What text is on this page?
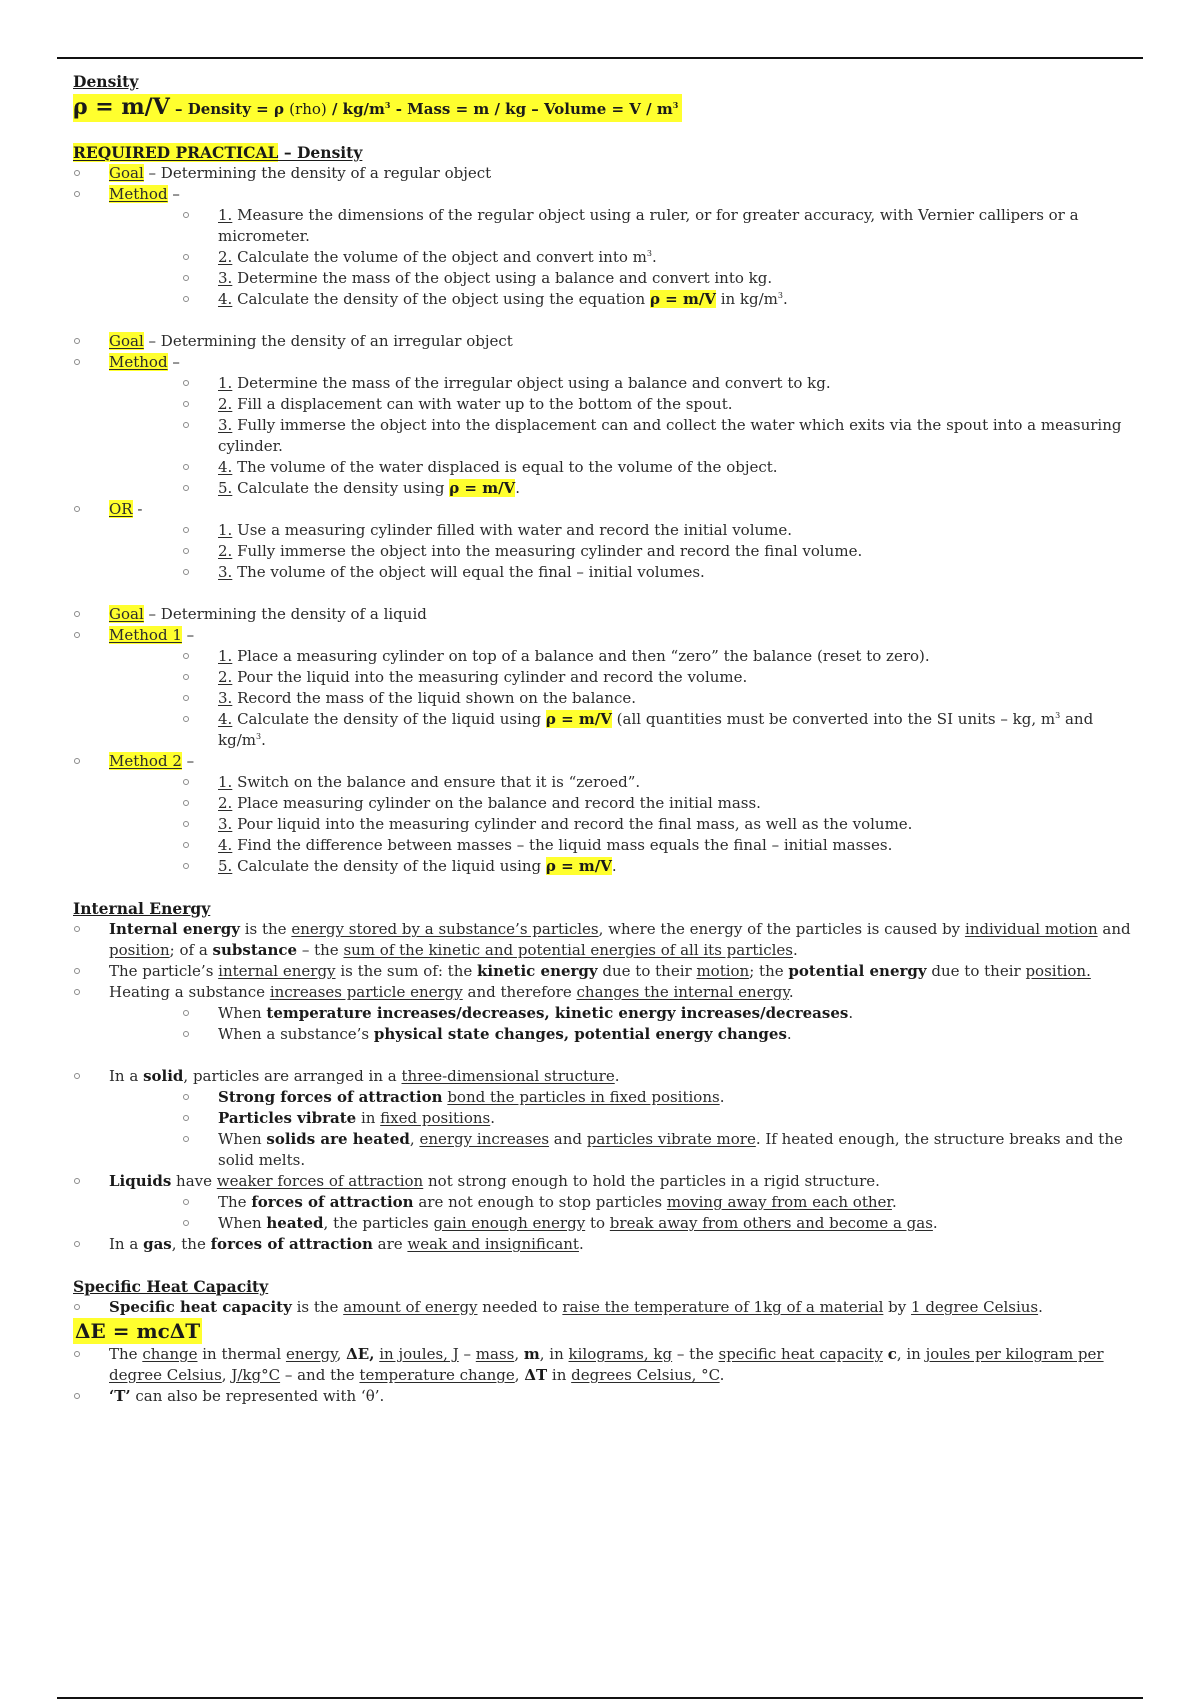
Density
ρ = m/V – Density = ρ $(rho) / kg/m^3$ - Mass = m / kg – Volume = V / $m^3$
REQUIRED PRACTICAL – Density
Goal – Determining the density of a regular object
Method –
1. Measure the dimensions of the regular object using a ruler, or for greater accuracy, with Vernier callipers or a micrometer.
2. Calculate the volume of the object and convert into $m^3$.
3. Determine the mass of the object using a balance and convert into kg.
4. Calculate the density of the object using the equation ρ = m/V in $kg/m^3$.
Goal – Determining the density of an irregular object
Method –
1. Determine the mass of the irregular object using a balance and convert to kg.
2. Fill a displacement can with water up to the bottom of the spout.
3. Fully immerse the object into the displacement can and collect the water which exits via the spout into a measuring cylinder.
4. The volume of the water displaced is equal to the volume of the object.
5. Calculate the density using ρ = m/V.
OR -
1. Use a measuring cylinder filled with water and record the initial volume.
2. Fully immerse the object into the measuring cylinder and record the final volume.
3. The volume of the object will equal the final – initial volumes.
Goal – Determining the density of a liquid
Method 1 –
1. Place a measuring cylinder on top of a balance and then “zero” the balance (reset to zero).
2. Pour the liquid into the measuring cylinder and record the volume.
3. Record the mass of the liquid shown on the balance.
4. Calculate the density of the liquid using ρ = m/V (all quantities must be converted into the SI units – kg, $m^3$ and $kg/m^3$.
Method 2 –
1. Switch on the balance and ensure that it is “zeroed”.
2. Place measuring cylinder on the balance and record the initial mass.
3. Pour liquid into the measuring cylinder and record the final mass, as well as the volume.
4. Find the difference between masses – the liquid mass equals the final – initial masses.
5. Calculate the density of the liquid using ρ = m/V.
Internal Energy
Internal energy is the energy stored by a substance’s particles, where the energy of the particles is caused by individual motion and position; of a substance – the sum of the kinetic and potential energies of all its particles.
The particle’s internal energy is the sum of: the kinetic energy due to their motion; the potential energy due to their position.
Heating a substance increases particle energy and therefore changes the internal energy.
When temperature increases/decreases, kinetic energy increases/decreases.
When a substance’s physical state changes, potential energy changes.
In a solid, particles are arranged in a three-dimensional structure.
Strong forces of attraction bond the particles in fixed positions.
Particles vibrate in fixed positions.
When solids are heated, energy increases and particles vibrate more. If heated enough, the structure breaks and the solid melts.
Liquids have weaker forces of attraction not strong enough to hold the particles in a rigid structure.
The forces of attraction are not enough to stop particles moving away from each other.
When heated, the particles gain enough energy to break away from others and become a gas.
In a gas, the forces of attraction are weak and insignificant.
Specific Heat Capacity
Specific heat capacity is the amount of energy needed to raise the temperature of 1kg of a material by 1 degree Celsius.
ΔE = mcΔT
The change in thermal energy, ΔE, in joules, J – mass, m, in kilograms, kg – the specific heat capacity c, in joules per kilogram per degree Celsius, J/kg°C – and the temperature change, ΔT in degrees Celsius, °C.
‘T’ can also be represented with ‘θ’.
